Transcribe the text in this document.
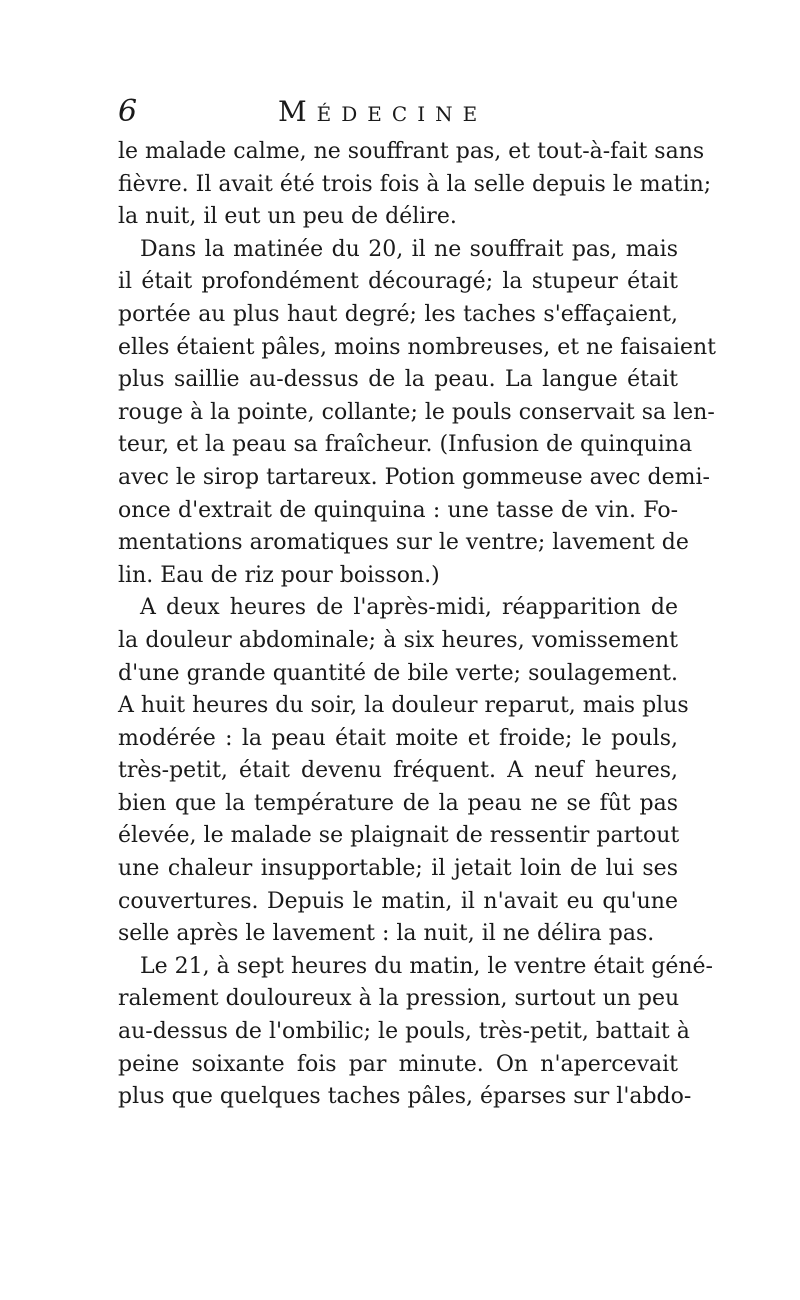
6	Médecine
le malade calme, ne souffrant pas, et tout-à-fait sans
fièvre. Il avait été trois fois à la selle depuis le matin;
la nuit, il eut un peu de délire.
Dans la matinée du 20, il ne souffrait pas, mais
il était profondément découragé; la stupeur était
portée au plus haut degré; les taches s'effaçaient,
elles étaient pâles, moins nombreuses, et ne faisaient
plus saillie au-dessus de la peau. La langue était
rouge à la pointe, collante; le pouls conservait sa len-
teur, et la peau sa fraîcheur. (Infusion de quinquina
avec le sirop tartareux. Potion gommeuse avec demi-
once d'extrait de quinquina : une tasse de vin. Fo-
mentations aromatiques sur le ventre; lavement de
lin. Eau de riz pour boisson.)
A deux heures de l'après-midi, réapparition de
la douleur abdominale; à six heures, vomissement
d'une grande quantité de bile verte; soulagement.
A huit heures du soir, la douleur reparut, mais plus
modérée : la peau était moite et froide; le pouls,
très-petit, était devenu fréquent. A neuf heures,
bien que la température de la peau ne se fût pas
élevée, le malade se plaignait de ressentir partout
une chaleur insupportable; il jetait loin de lui ses
couvertures. Depuis le matin, il n'avait eu qu'une
selle après le lavement : la nuit, il ne délira pas.
Le 21, à sept heures du matin, le ventre était géné-
ralement douloureux à la pression, surtout un peu
au-dessus de l'ombilic; le pouls, très-petit, battait à
peine soixante fois par minute. On n'apercevait
plus que quelques taches pâles, éparses sur l'abdo-
